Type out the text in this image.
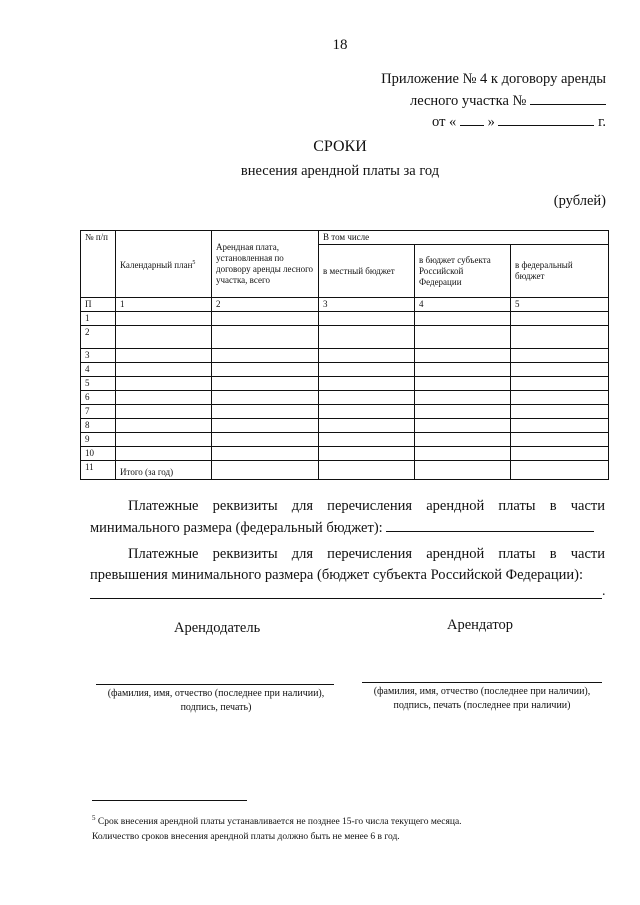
18
Приложение № 4 к договору аренды
лесного участка №
от « »	г.
СРОКИ
внесения арендной платы за год
(рублей)
№ п/п	Календарный план$^5$	Арендная плата, установленная по договору аренды лесного участка, всего	В том числе		
			в местный бюджет	в бюджет субъекта Российской Федерации	в федеральный бюджет
П	1	2	3	4	5
1					
2					
3					
4					
5					
6					
7					
8					
9					
10					
11	Итого (за год)				
Платежные реквизиты для перечисления арендной платы в части
минимального размера (федеральный бюджет):
Платежные реквизиты для перечисления арендной платы в части
превышения минимального размера (бюджет субъекта Российской Федерации):
.
Арендодатель	Арендатор
(фамилия, имя, отчество (последнее при наличии),
подпись, печать)
(фамилия, имя, отчество (последнее при наличии),
подпись, печать (последнее при наличии)
$^5$ Срок внесения арендной платы устанавливается не позднее 15-го числа текущего месяца.
Количество сроков внесения арендной платы должно быть не менее 6 в год.
